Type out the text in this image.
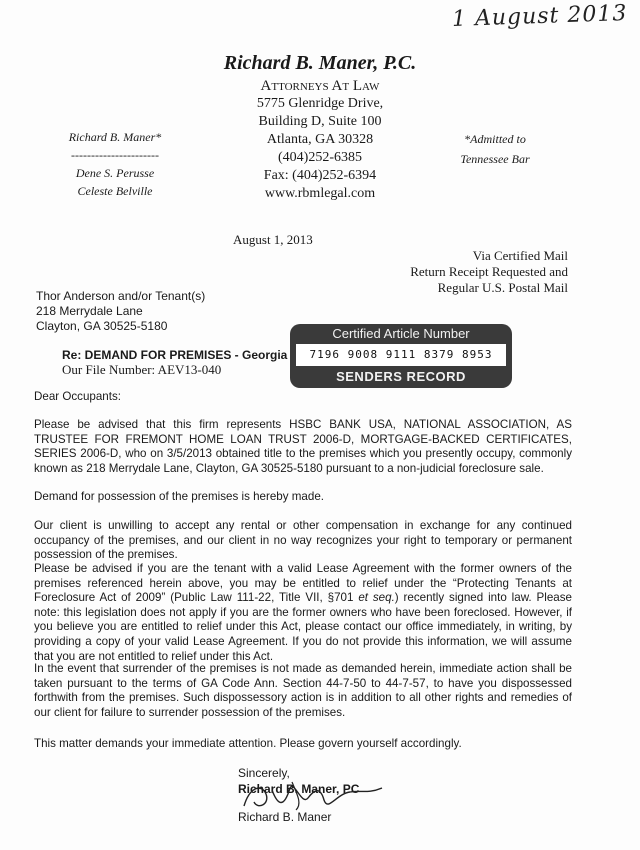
1 August 2013
Richard B. Maner, P.C.
Attorneys At Law
5775 Glenridge Drive,
Building D, Suite 100
Atlanta, GA 30328
(404)252-6385
Fax: (404)252-6394
www.rbmlegal.com
Richard B. Maner*
----------------------
Dene S. Perusse
Celeste Belville
*Admitted to
Tennessee Bar
August 1, 2013
Via Certified Mail
Return Receipt Requested and
Regular U.S. Postal Mail
Thor Anderson and/or Tenant(s)
218 Merrydale Lane
Clayton, GA 30525-5180
Re: DEMAND FOR PREMISES - Georgia
Our File Number: AEV13-040
Certified Article Number
7196 9008 9111 8379 8953
SENDERS RECORD
Dear Occupants:
Please be advised that this firm represents HSBC BANK USA, NATIONAL ASSOCIATION, AS TRUSTEE FOR FREMONT HOME LOAN TRUST 2006-D, MORTGAGE-BACKED CERTIFICATES, SERIES 2006-D, who on 3/5/2013 obtained title to the premises which you presently occupy, commonly known as 218 Merrydale Lane, Clayton, GA 30525-5180 pursuant to a non-judicial foreclosure sale.
Demand for possession of the premises is hereby made.
Our client is unwilling to accept any rental or other compensation in exchange for any continued occupancy of the premises, and our client in no way recognizes your right to temporary or permanent possession of the premises.
Please be advised if you are the tenant with a valid Lease Agreement with the former owners of the premises referenced herein above, you may be entitled to relief under the “Protecting Tenants at Foreclosure Act of 2009” (Public Law 111-22, Title VII, §701 et seq.) recently signed into law. Please note: this legislation does not apply if you are the former owners who have been foreclosed. However, if you believe you are entitled to relief under this Act, please contact our office immediately, in writing, by providing a copy of your valid Lease Agreement. If you do not provide this information, we will assume that you are not entitled to relief under this Act.
In the event that surrender of the premises is not made as demanded herein, immediate action shall be taken pursuant to the terms of GA Code Ann. Section 44-7-50 to 44-7-57, to have you dispossessed forthwith from the premises. Such dispossessory action is in addition to all other rights and remedies of our client for failure to surrender possession of the premises.
This matter demands your immediate attention. Please govern yourself accordingly.
Sincerely,
Richard B. Maner, PC
Richard B. Maner
